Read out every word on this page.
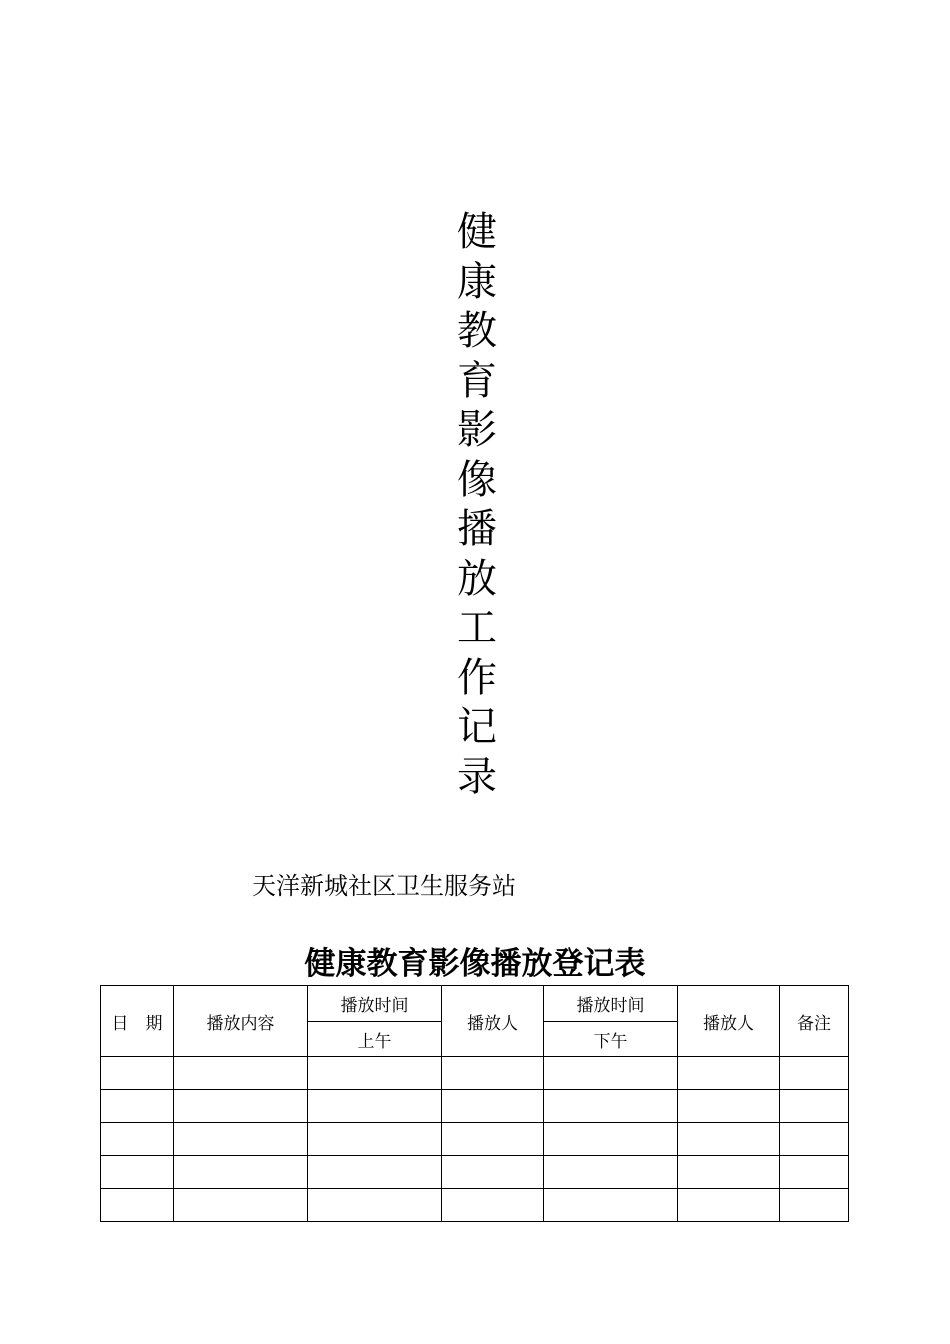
健
康
教
育
影
像
播
放
工
作
记
录
天洋新城社区卫生服务站
健康教育影像播放登记表
日　期	播放内容	播放时间	播放人	播放时间	播放人	备注
		上午		下午		
